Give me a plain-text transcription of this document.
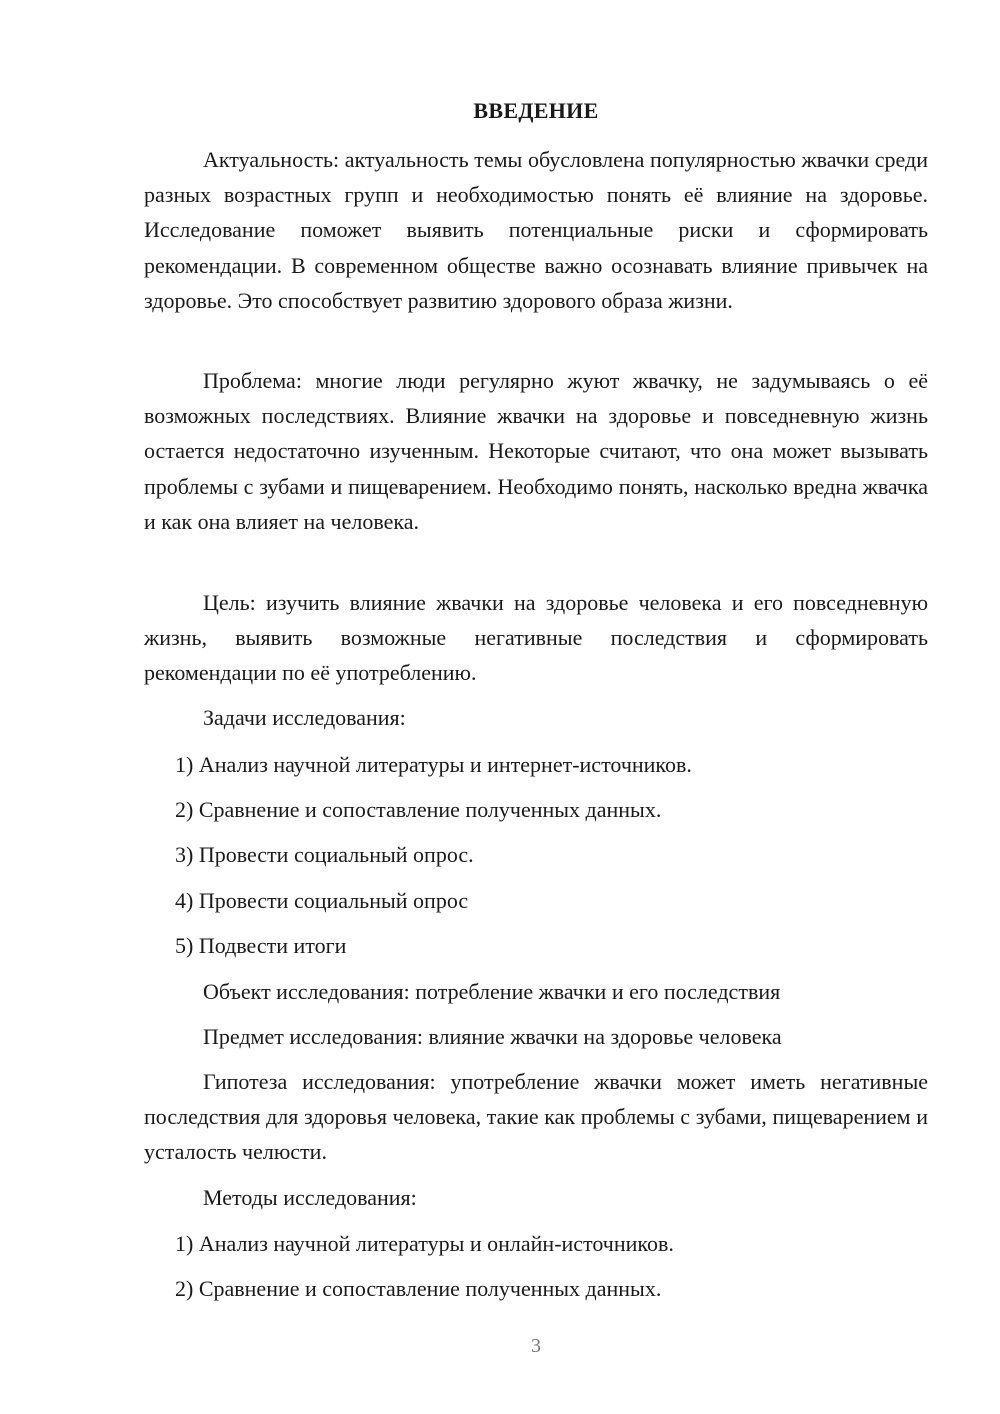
ВВЕДЕНИЕ

Актуальность: актуальность темы обусловлена популярностью жвачки среди разных возрастных групп и необходимостью понять её влияние на здоровье. Исследование поможет выявить потенциальные риски и сформировать рекомендации. В современном обществе важно осознавать влияние привычек на здоровье. Это способствует развитию здорового образа жизни.

Проблема: многие люди регулярно жуют жвачку, не задумываясь о её возможных последствиях. Влияние жвачки на здоровье и повседневную жизнь остается недостаточно изученным. Некоторые считают, что она может вызывать проблемы с зубами и пищеварением. Необходимо понять, насколько вредна жвачка и как она влияет на человека.

Цель: изучить влияние жвачки на здоровье человека и его повседневную жизнь, выявить возможные негативные последствия и сформировать рекомендации по её употреблению.

Задачи исследования:
1) Анализ научной литературы и интернет-источников.
2) Сравнение и сопоставление полученных данных.
3) Провести социальный опрос.
4) Провести социальный опрос
5) Подвести итоги
Объект исследования: потребление жвачки и его последствия
Предмет исследования: влияние жвачки на здоровье человека

Гипотеза исследования: употребление жвачки может иметь негативные последствия для здоровья человека, такие как проблемы с зубами, пищеварением и усталость челюсти.

Методы исследования:
1) Анализ научной литературы и онлайн-источников.
2) Сравнение и сопоставление полученных данных.
3
